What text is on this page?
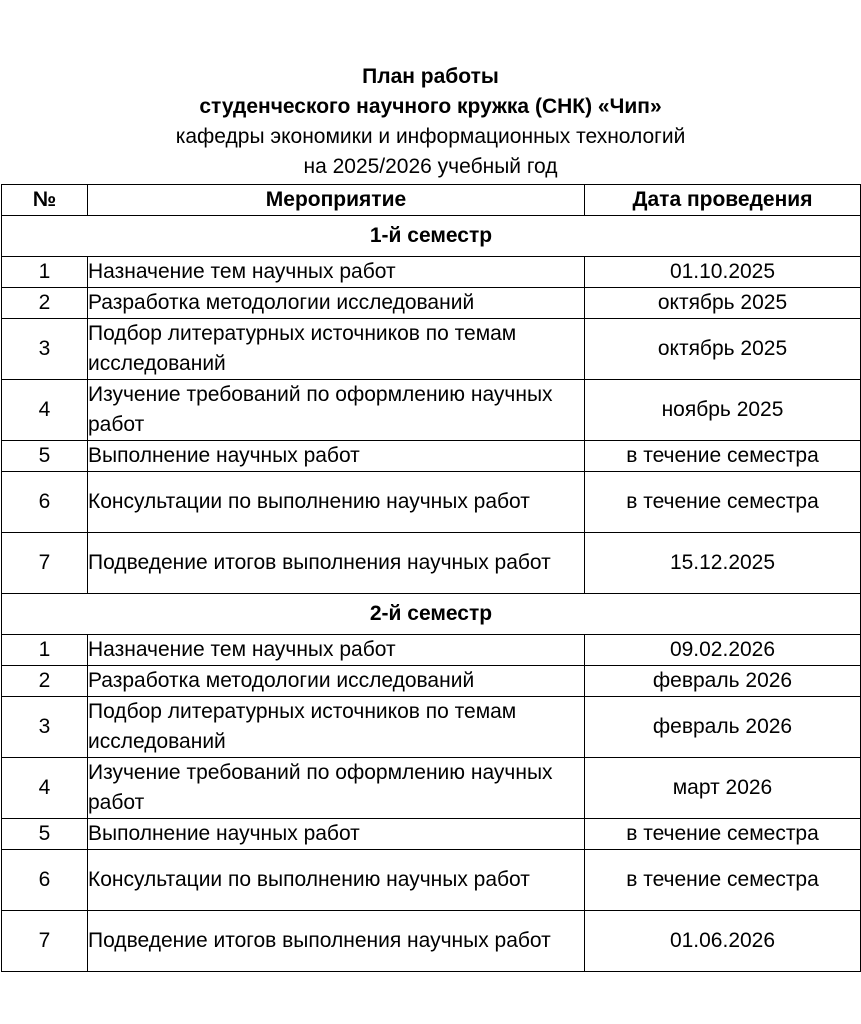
План работы
студенческого научного кружка (СНК) «Чип»
кафедры экономики и информационных технологий
на 2025/2026 учебный год
№	Мероприятие	Дата проведения
1-й семестр		
1	Назначение тем научных работ	01.10.2025
2	Разработка методологии исследований	октябрь 2025
3	Подбор литературных источников по темам исследований	октябрь 2025
4	Изучение требований по оформлению научных работ	ноябрь 2025
5	Выполнение научных работ	в течение семестра
6	Консультации по выполнению научных работ	в течение семестра
7	Подведение итогов выполнения научных работ	15.12.2025
2-й семестр		
1	Назначение тем научных работ	09.02.2026
2	Разработка методологии исследований	февраль 2026
3	Подбор литературных источников по темам исследований	февраль 2026
4	Изучение требований по оформлению научных работ	март 2026
5	Выполнение научных работ	в течение семестра
6	Консультации по выполнению научных работ	в течение семестра
7	Подведение итогов выполнения научных работ	01.06.2026
